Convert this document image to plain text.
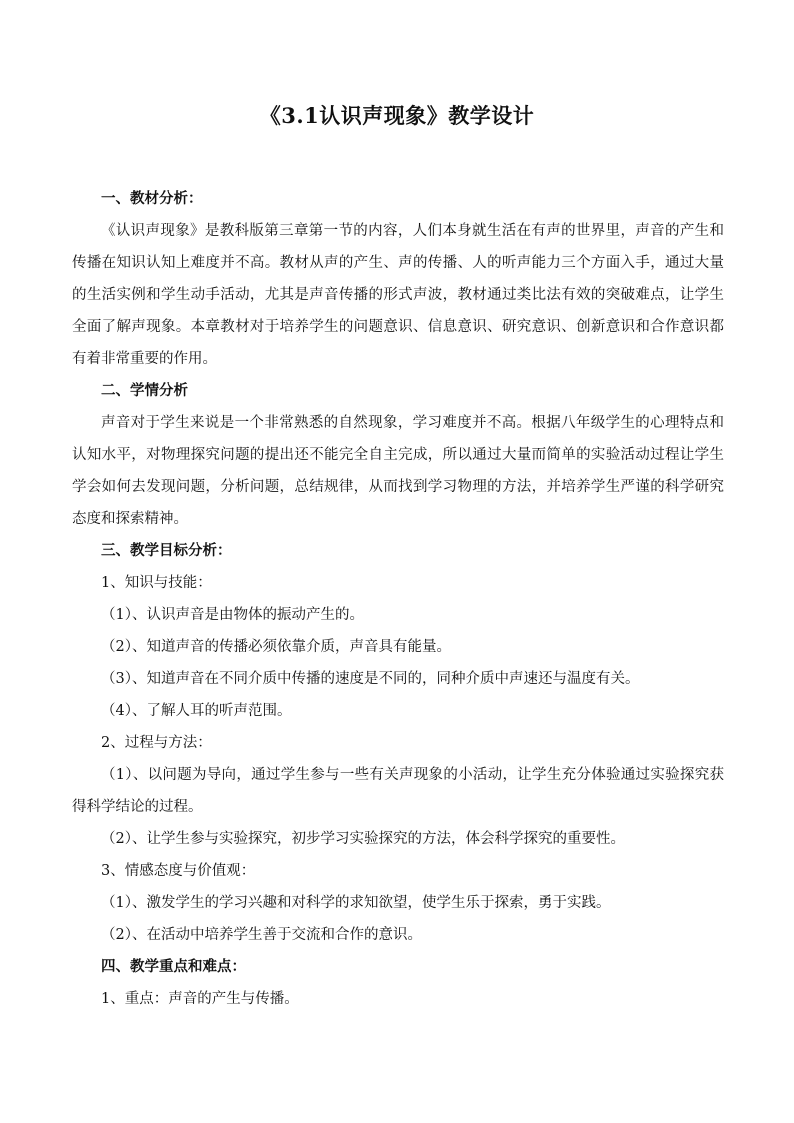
《3.1认识声现象》教学设计

一、教材分析：

《认识声现象》是教科版第三章第一节的内容，人们本身就生活在有声的世界里，声音的产生和传播在知识认知上难度并不高。教材从声的产生、声的传播、人的听声能力三个方面入手，通过大量的生活实例和学生动手活动，尤其是声音传播的形式声波，教材通过类比法有效的突破难点，让学生全面了解声现象。本章教材对于培养学生的问题意识、信息意识、研究意识、创新意识和合作意识都有着非常重要的作用。

二、学情分析

声音对于学生来说是一个非常熟悉的自然现象，学习难度并不高。根据八年级学生的心理特点和认知水平，对物理探究问题的提出还不能完全自主完成，所以通过大量而简单的实验活动过程让学生学会如何去发现问题，分析问题，总结规律，从而找到学习物理的方法，并培养学生严谨的科学研究态度和探索精神。

三、教学目标分析：

1、知识与技能：

（1）、认识声音是由物体的振动产生的。

（2）、知道声音的传播必须依靠介质，声音具有能量。

（3）、知道声音在不同介质中传播的速度是不同的，同种介质中声速还与温度有关。

（4）、了解人耳的听声范围。

2、过程与方法：

（1）、以问题为导向，通过学生参与一些有关声现象的小活动，让学生充分体验通过实验探究获得科学结论的过程。

（2）、让学生参与实验探究，初步学习实验探究的方法，体会科学探究的重要性。

3、情感态度与价值观：

（1）、激发学生的学习兴趣和对科学的求知欲望，使学生乐于探索，勇于实践。

（2）、在活动中培养学生善于交流和合作的意识。

四、教学重点和难点：

1、重点：声音的产生与传播。
